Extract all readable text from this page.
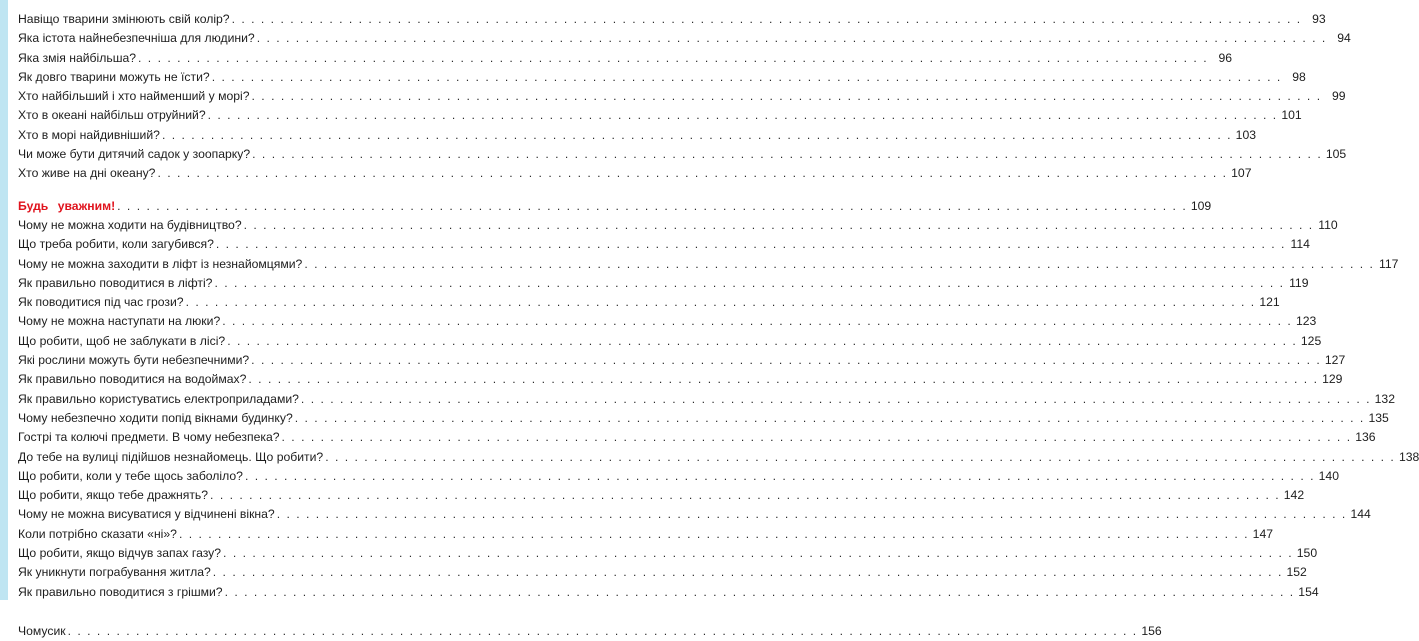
Навіщо тварини змінюють свій колір? . . .	93
Яка істота найнебезпечніша для людини? . . .	94
Яка змія найбільша? . . .	96
Як довго тварини можуть не їсти? . . .	98
Хто найбільший і хто найменший у морі? . . .	99
Хто в океані найбільш отруйний? . . .	101
Хто в морі найдивніший? . . .	103
Чи може бути дитячий садок у зоопарку? . . .	105
Хто живе на дні океану? . . .	107
Будь уважним! . . .	109
Чому не можна ходити на будівництво? . . .	110
Що треба робити, коли загубився? . . .	114
Чому не можна заходити в ліфт із незнайомцями? . . .	117
Як правильно поводитися в ліфті? . . .	119
Як поводитися під час грози? . . .	121
Чому не можна наступати на люки? . . .	123
Що робити, щоб не заблукати в лісі? . . .	125
Які рослини можуть бути небезпечними? . . .	127
Як правильно поводитися на водоймах? . . .	129
Як правильно користуватись електроприладами? . . .	132
Чому небезпечно ходити попід вікнами будинку? . . .	135
Гострі та колючі предмети. В чому небезпека? . . .	136
До тебе на вулиці підійшов незнайомець. Що робити? . . .	138
Що робити, коли у тебе щось заболіло? . . .	140
Що робити, якщо тебе дражнять? . . .	142
Чому не можна висуватися у відчинені вікна? . . .	144
Коли потрібно сказати «ні»? . . .	147
Що робити, якщо відчув запах газу? . . .	150
Як уникнути пограбування житла? . . .	152
Як правильно поводитися з грішми? . . .	154
Чомусик . . .	156
